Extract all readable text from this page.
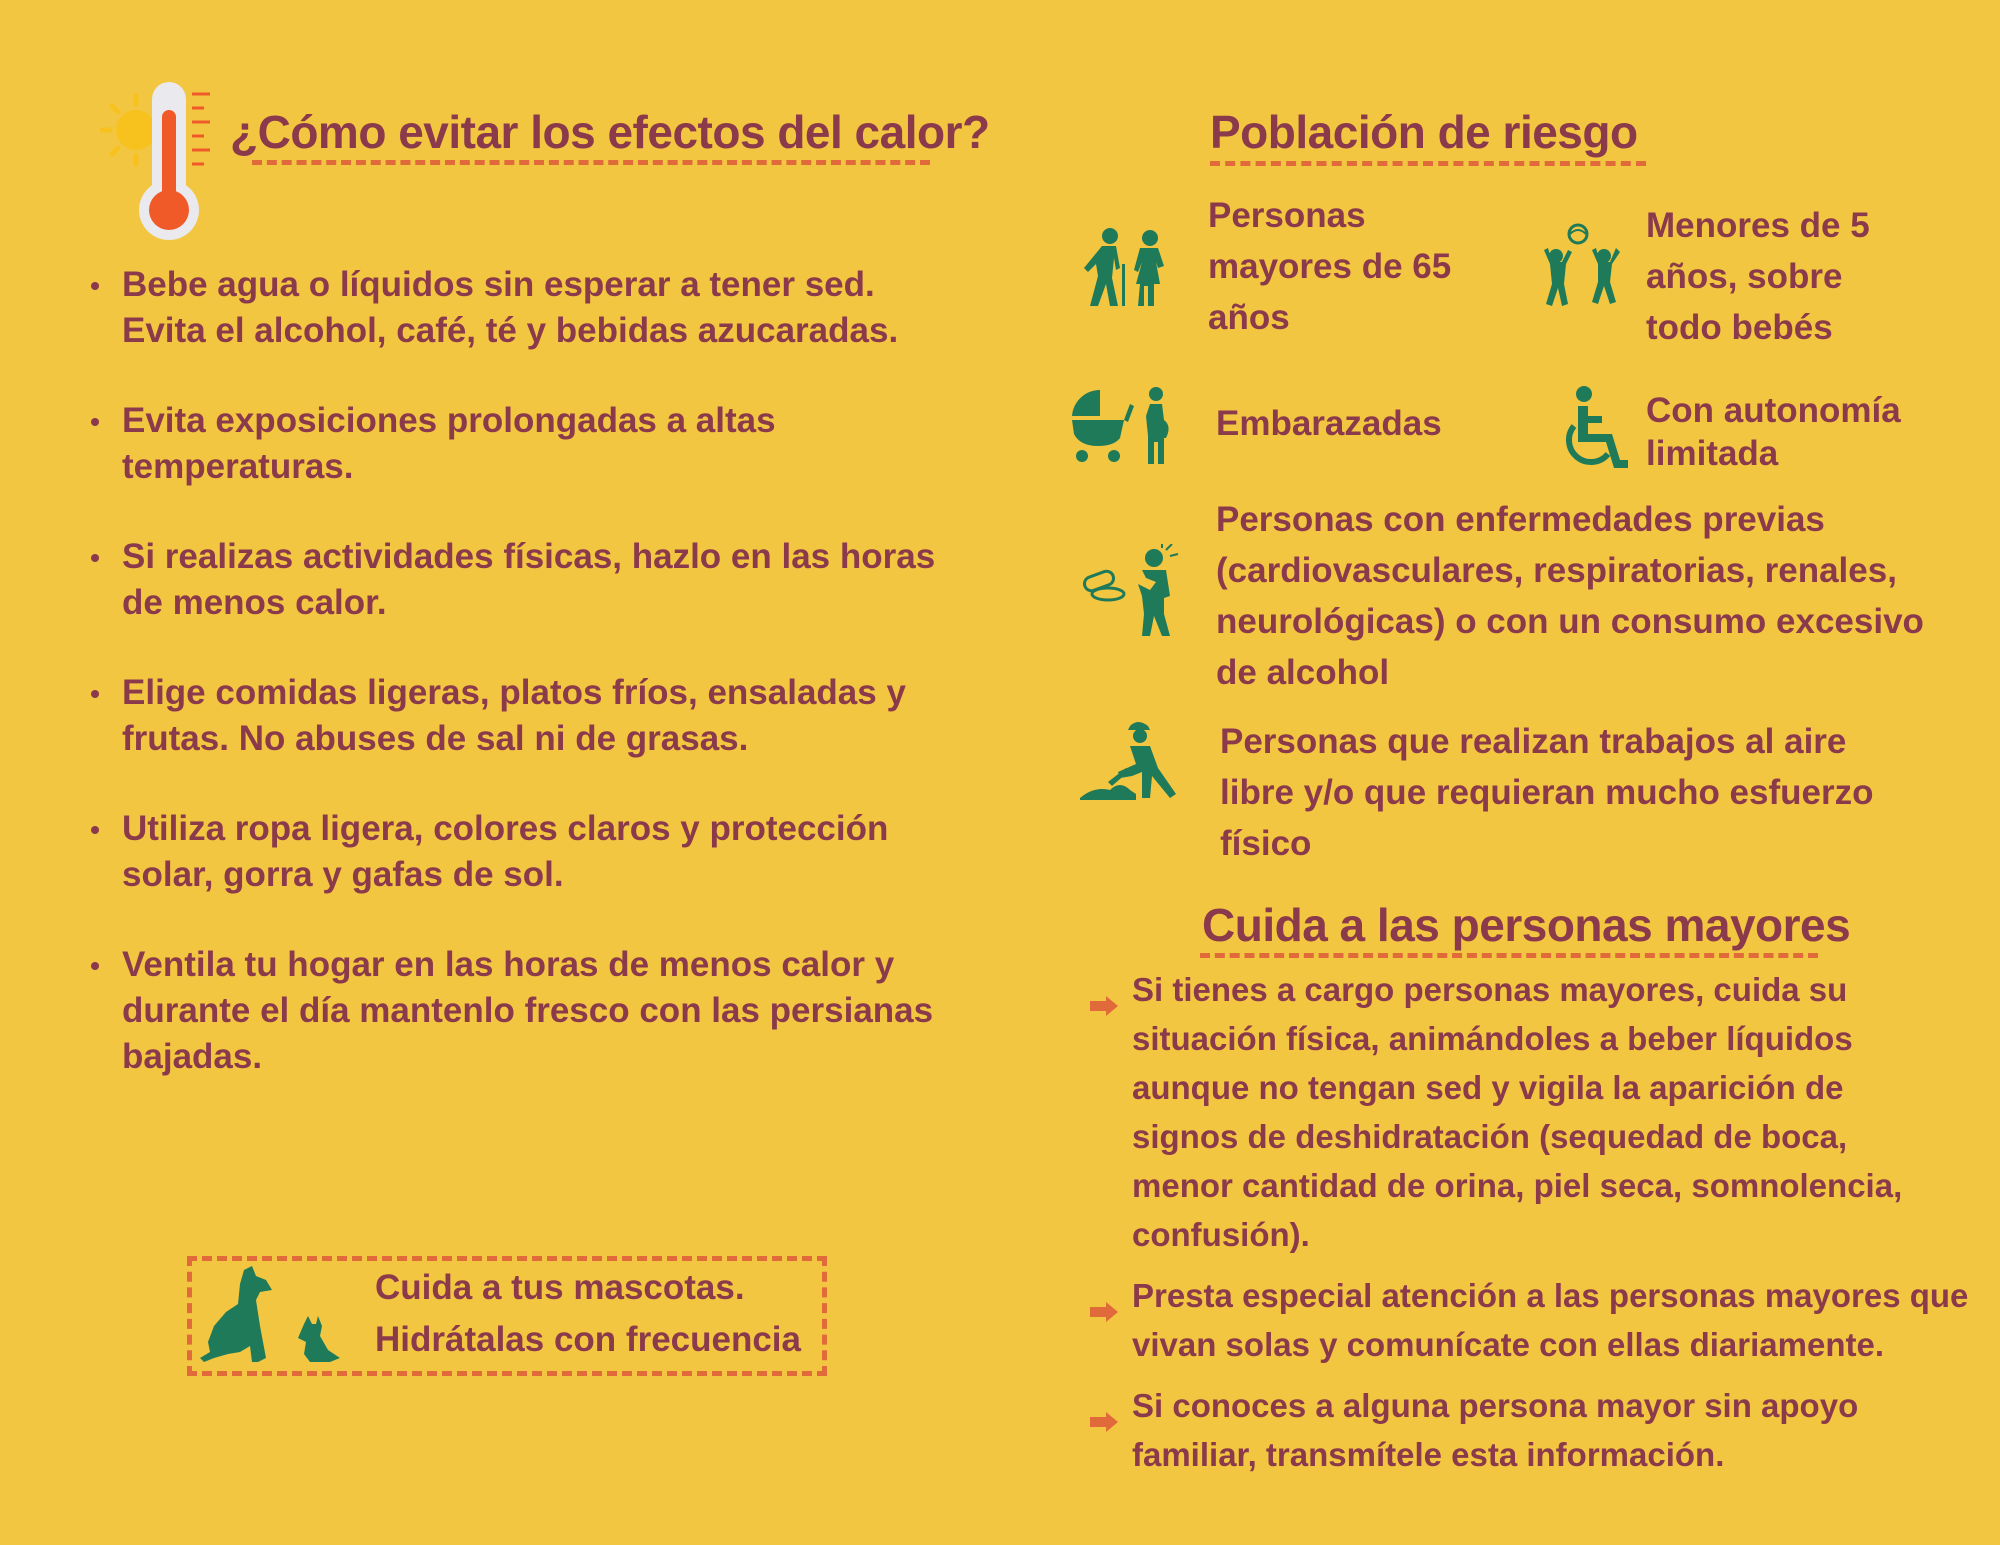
¿Cómo evitar los efectos del calor?
Bebe agua o líquidos sin esperar a tener sed. Evita el alcohol, café, té y bebidas azucaradas.
Evita exposiciones prolongadas a altas temperaturas.
Si realizas actividades físicas, hazlo en las horas de menos calor.
Elige comidas ligeras, platos fríos, ensaladas y frutas. No abuses de sal ni de grasas.
Utiliza ropa ligera, colores claros y protección solar, gorra y gafas de sol.
Ventila tu hogar en las horas de menos calor y durante el día mantenlo fresco con las persianas bajadas.
Cuida a tus mascotas.
Hidrátalas con frecuencia
Población de riesgo
Personas
mayores de 65
años
Menores de 5
años, sobre
todo bebés
Embarazadas	Con autonomía
limitada
Personas con enfermedades previas
(cardiovasculares, respiratorias, renales,
neurológicas) o con un consumo excesivo
de alcohol
Personas que realizan trabajos al aire
libre y/o que requieran mucho esfuerzo
físico
Cuida a las personas mayores
Si tienes a cargo personas mayores, cuida su situación física, animándoles a beber líquidos aunque no tengan sed y vigila la aparición de signos de deshidratación (sequedad de boca, menor cantidad de orina, piel seca, somnolencia, confusión).
Presta especial atención a las personas mayores que vivan solas y comunícate con ellas diariamente.
Si conoces a alguna persona mayor sin apoyo familiar, transmítele esta información.
